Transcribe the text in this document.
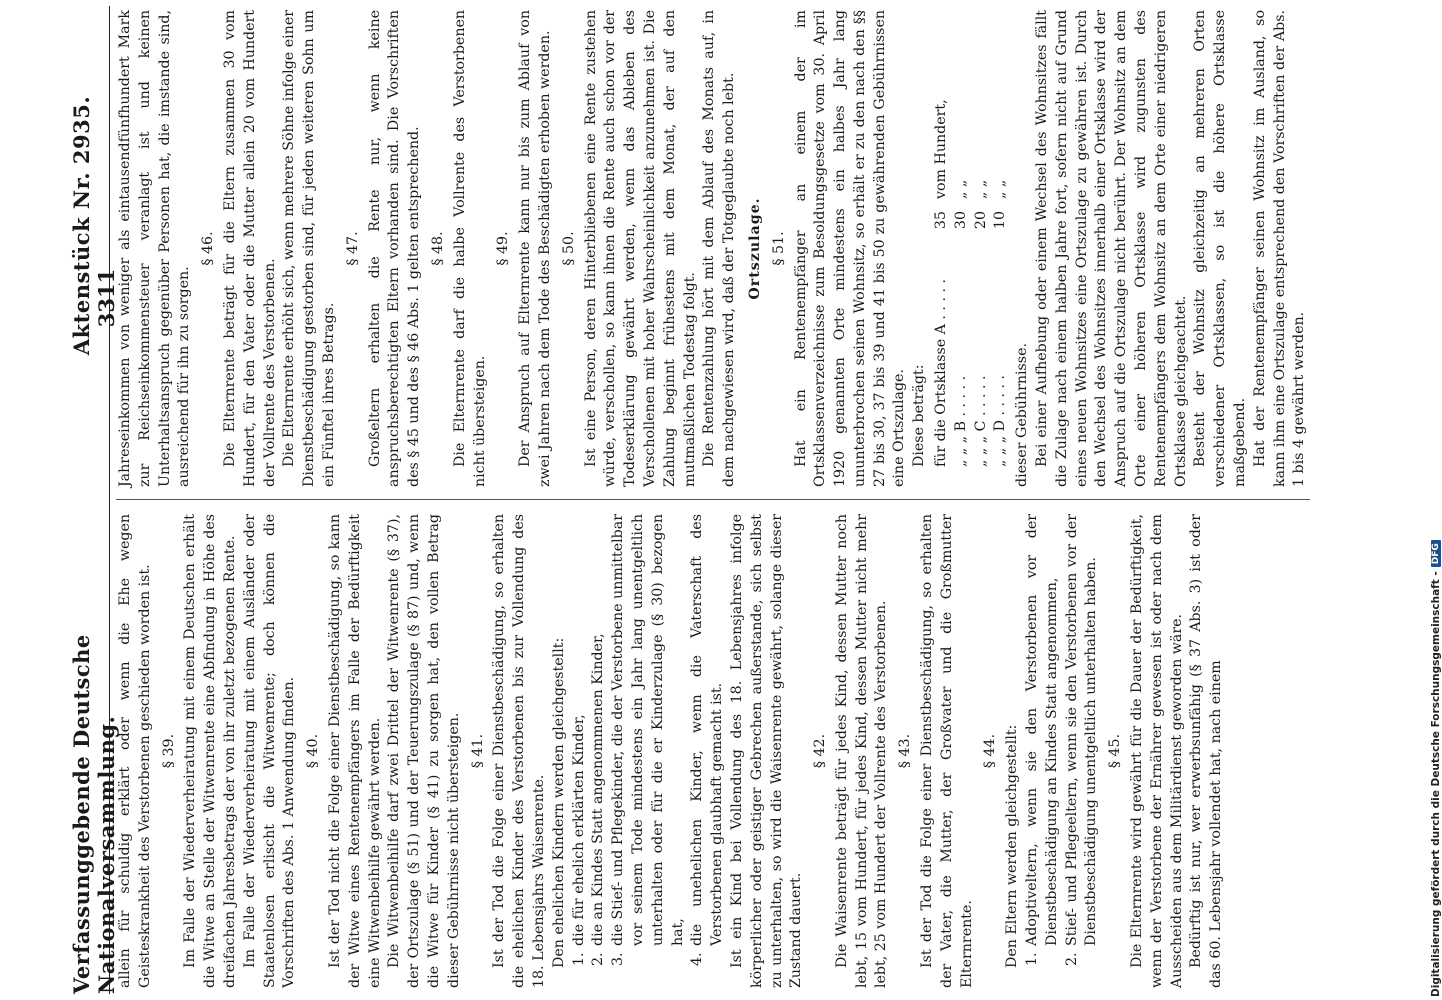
Verfassunggebende Deutsche Nationalversammlung.
Aktenstück Nr. 2935. 3311

allein für schuldig erklärt oder wenn die Ehe wegen Geisteskrankheit des Verstorbenen geschieden worden ist. § 39. Im Falle der Wiederverheiratung mit einem Deutschen erhält die Witwe an Stelle der Witwenrente eine Abfindung in Höhe des dreifachen Jahresbetrags der von ihr zuletzt bezogenen Rente. Im Falle der Wiederverheiratung mit einem Ausländer oder Staatenlosen erlischt die Witwenrente; doch können die Vorschriften des Abs. 1 Anwendung finden. § 40. Ist der Tod nicht die Folge einer Dienstbeschädigung, so kann der Witwe eines Rentenempfängers im Falle der Bedürftigkeit eine Witwenbeihilfe gewährt werden. Die Witwenbeihilfe darf zwei Drittel der Witwenrente (§ 37), der Ortszulage (§ 51) und der Teuerungszulage (§ 87) und, wenn die Witwe für Kinder (§ 41) zu sorgen hat, den vollen Betrag dieser Gebührnisse nicht übersteigen. § 41. Ist der Tod die Folge einer Dienstbeschädigung, so erhalten die ehelichen Kinder des Verstorbenen bis zur Vollendung des 18. Lebensjahrs Waisenrente. Den ehelichen Kindern werden gleichgestellt: 1. die für ehelich erklärten Kinder, 2. die an Kindes Statt angenommenen Kinder, 3. die Stief- und Pflegekinder, die der Verstorbene unmittelbar vor seinem Tode mindestens ein Jahr lang unentgeltlich unterhalten oder für die er Kinderzulage (§ 30) bezogen hat, 4. die unehelichen Kinder, wenn die Vaterschaft des Verstorbenen glaubhaft gemacht ist. Ist ein Kind bei Vollendung des 18. Lebensjahres infolge körperlicher oder geistiger Gebrechen außerstande, sich selbst zu unterhalten, so wird die Waisenrente gewährt, solange dieser Zustand dauert.

§ 42. Die Waisenrente beträgt für jedes Kind, dessen Mutter noch lebt, 15 vom Hundert, für jedes Kind, dessen Mutter nicht mehr lebt, 25 vom Hundert der Vollrente des Verstorbenen. § 43. Ist der Tod die Folge einer Dienstbeschädigung, so erhalten der Vater, die Mutter, der Großvater und die Großmutter Elternrente.

§ 44. Den Eltern werden gleichgestellt: 1. Adoptiveltern, wenn sie den Verstorbenen vor der Dienstbeschädigung an Kindes Statt angenommen, 2. Stief- und Pflegeeltern, wenn sie den Verstorbenen vor der Dienstbeschädigung unentgeltlich unterhalten haben. § 45. Die Elternrente wird gewährt für die Dauer der Bedürftigkeit, wenn der Verstorbene der Ernährer gewesen ist oder nach dem Ausscheiden aus dem Militärdienst geworden wäre. Bedürftig ist nur, wer erwerbsunfähig (§ 37 Abs. 3) ist oder das 60. Lebensjahr vollendet hat, nach einem

Jahreseinkommen von weniger als eintausendfünfhundert Mark zur Reichseinkommensteuer veranlagt ist und keinen Unterhaltsanspruch gegenüber Personen hat, die imstande sind, ausreichend für ihn zu sorgen.

§ 46. Die Elternrente beträgt für die Eltern zusammen 30 vom Hundert, für den Vater oder die Mutter allein 20 vom Hundert der Vollrente des Verstorbenen. Die Elternrente erhöht sich, wenn mehrere Söhne infolge einer Dienstbeschädigung gestorben sind, für jeden weiteren Sohn um ein Fünftel ihres Betrags.

§ 47. Großeltern erhalten die Rente nur, wenn keine anspruchsberechtigten Eltern vorhanden sind. Die Vorschriften des § 45 und des § 46 Abs. 1 gelten entsprechend. § 48. Die Elternrente darf die halbe Vollrente des Verstorbenen nicht übersteigen.

§ 49. Der Anspruch auf Elternrente kann nur bis zum Ablauf von zwei Jahren nach dem Tode des Beschädigten erhoben werden. § 50. Ist eine Person, deren Hinterbliebenen eine Rente zustehen würde, verschollen, so kann ihnen die Rente auch schon vor der Todeserklärung gewährt werden, wenn das Ableben des Verschollenen mit hoher Wahrscheinlichkeit anzunehmen ist. Die Zahlung beginnt frühestens mit dem Monat, der auf den mutmaßlichen Todestag folgt. Die Rentenzahlung hört mit dem Ablauf des Monats auf, in dem nachgewiesen wird, daß der Totgeglaubte noch lebt. Ortszulage. § 51. Hat ein Rentenempfänger an einem der im Ortsklassenverzeichnisse zum Besoldungsgesetze vom 30. April 1920 genannten Orte mindestens ein halbes Jahr lang ununterbrochen seinen Wohnsitz, so erhält er zu den nach den §§ 27 bis 30, 37 bis 39 und 41 bis 50 zu gewährenden Gebührnissen eine Ortszulage. Diese beträgt: für die Ortsklasse A . . . . .
35
vom Hundert,
„ „ „ B . . . . .
30
„ „
„ „ „ C . . . . .
20
„ „
„ „ „ D . . . . .
10
„ „

dieser Gebührnisse. Bei einer Aufhebung oder einem Wechsel des Wohnsitzes fällt die Zulage nach einem halben Jahre fort, sofern nicht auf Grund eines neuen Wohnsitzes eine Ortszulage zu gewähren ist. Durch den Wechsel des Wohnsitzes innerhalb einer Ortsklasse wird der Anspruch auf die Ortszulage nicht berührt. Der Wohnsitz an dem Orte einer höheren Ortsklasse wird zugunsten des Rentenempfängers dem Wohnsitz an dem Orte einer niedrigeren Ortsklasse gleichgeachtet. Besteht der Wohnsitz gleichzeitig an mehreren Orten verschiedener Ortsklassen, so ist die höhere Ortsklasse maßgebend. Hat der Rentenempfänger seinen Wohnsitz im Ausland, so kann ihm eine Ortszulage entsprechend den Vorschriften der Abs. 1 bis 4 gewährt werden.

Digitalisierung gefördert durch die Deutsche Forschungsgemeinschaft -
DFG
